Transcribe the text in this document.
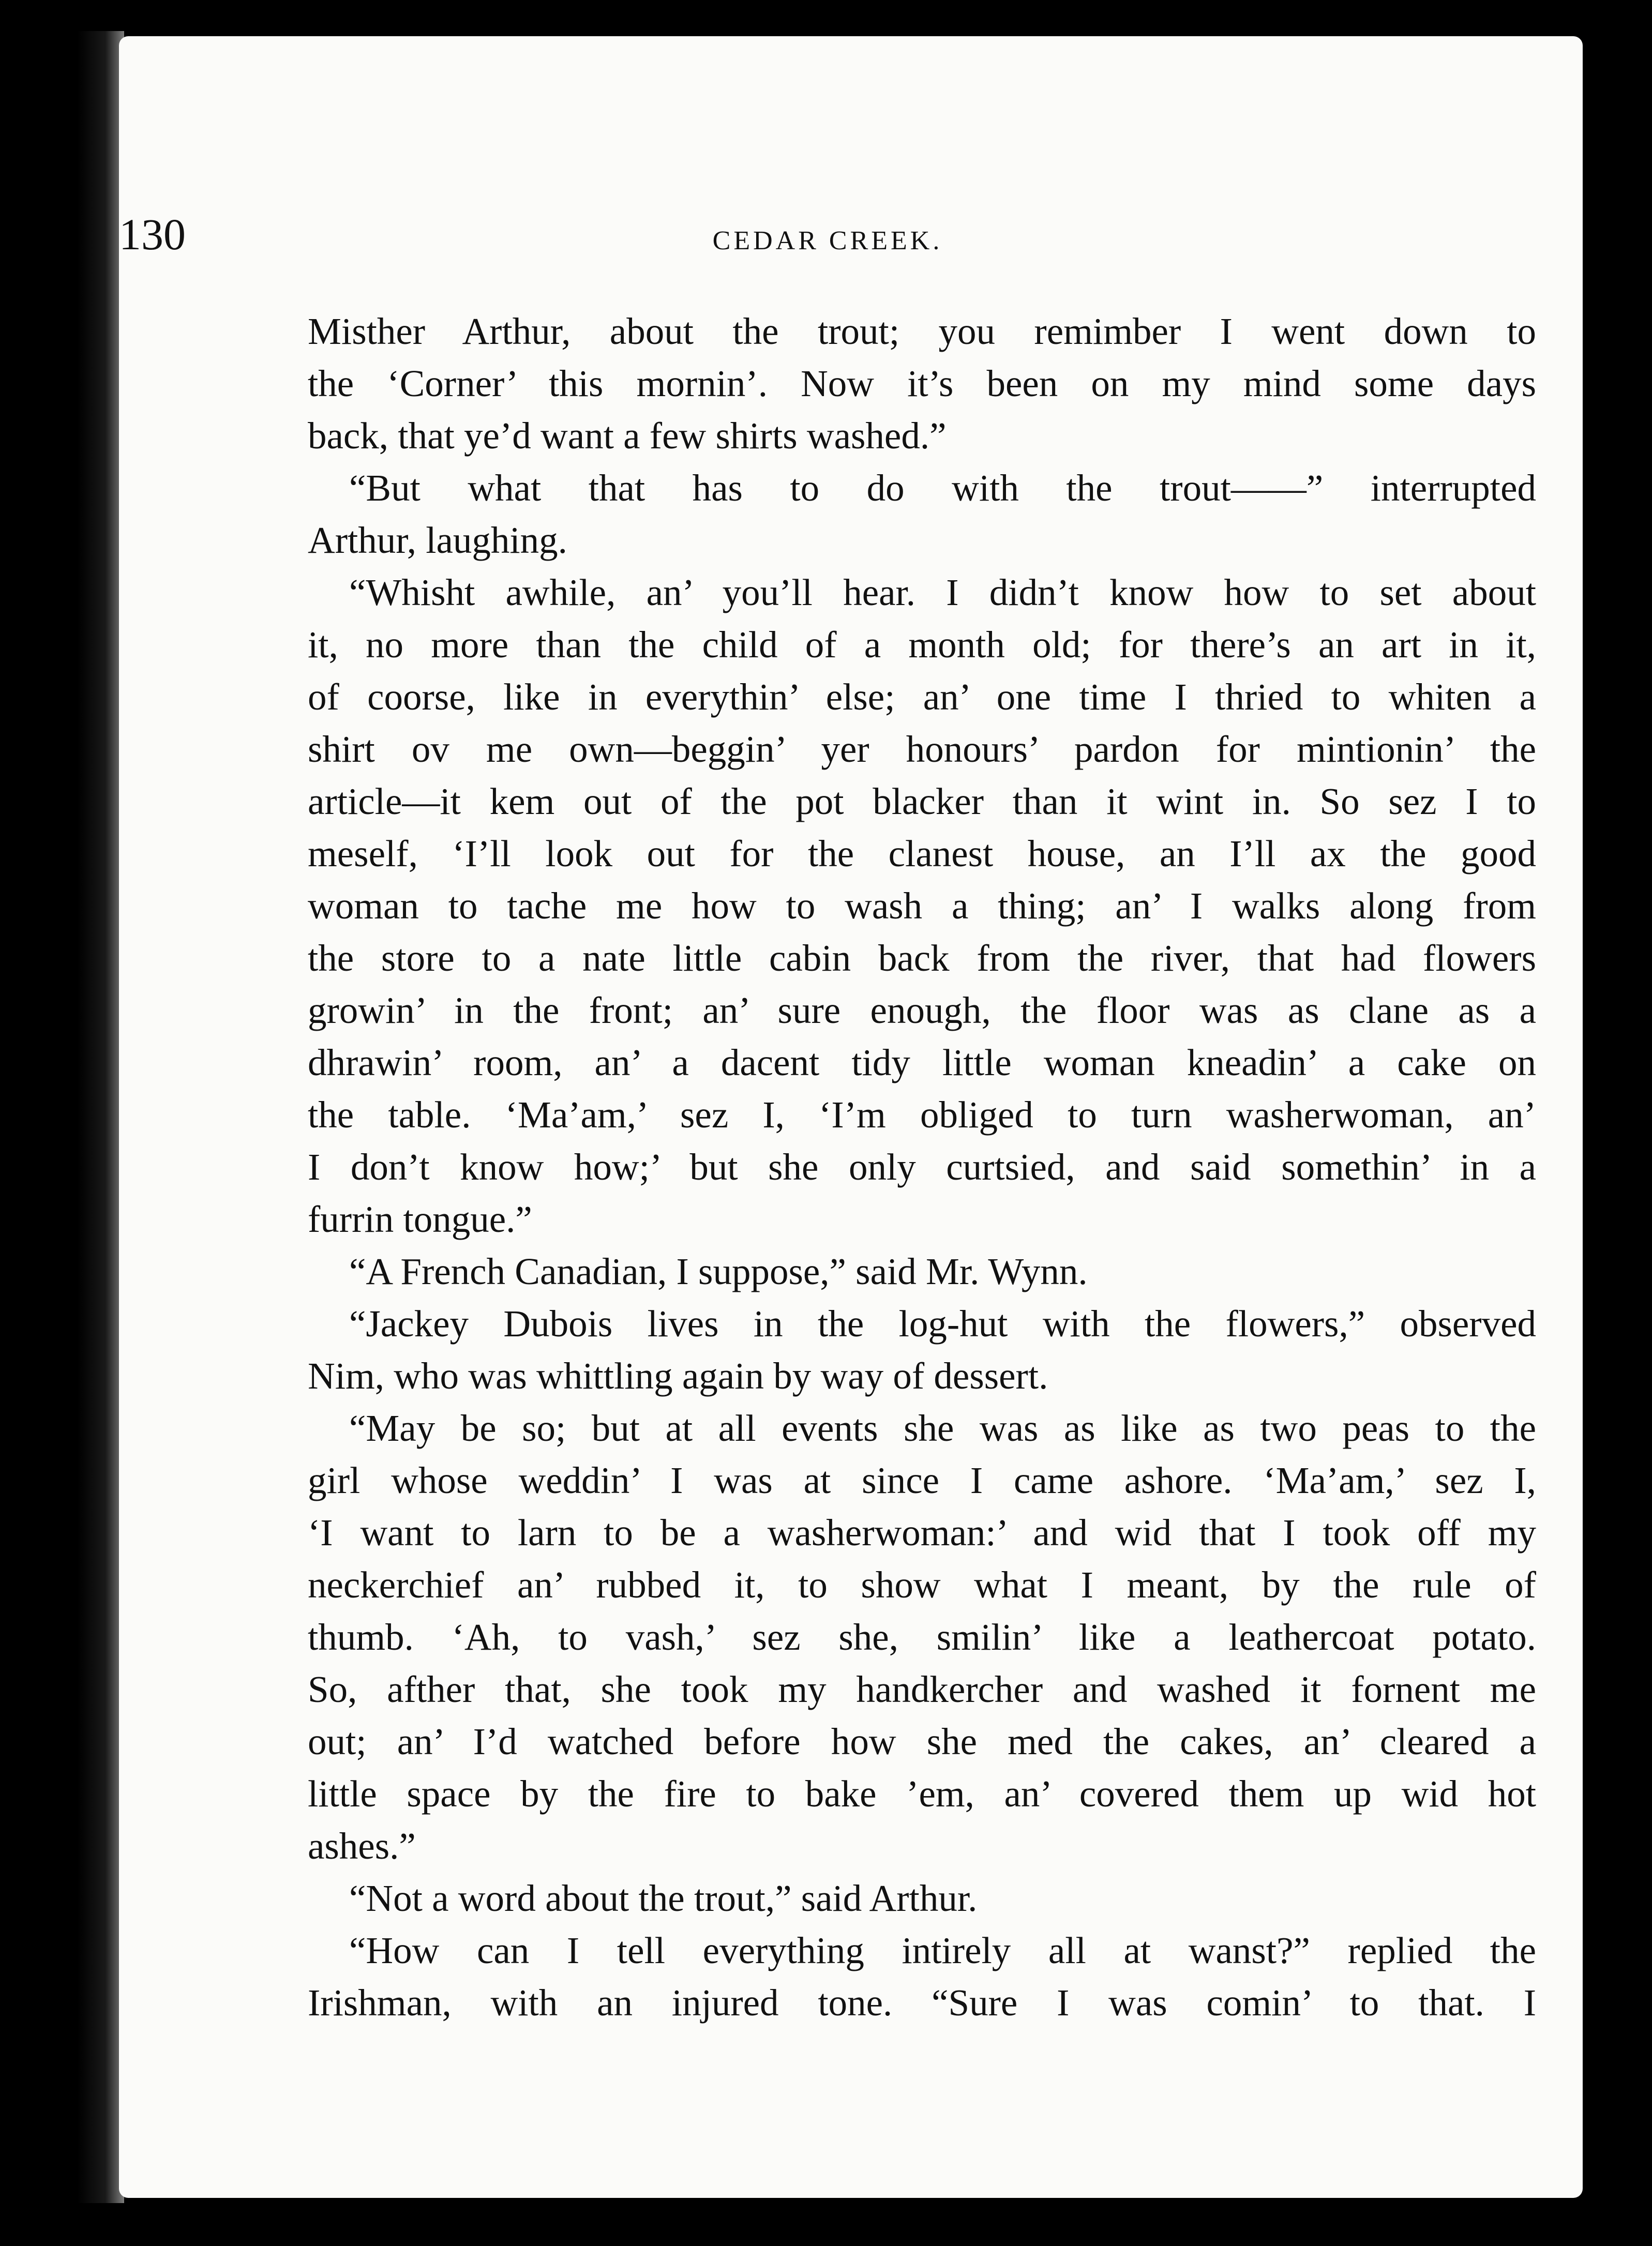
130	CEDAR CREEK.
Misther Arthur, about the trout; you remimber I went down to
the ‘Corner’ this mornin’. Now it’s been on my mind some days
back, that ye’d want a few shirts washed.”
“But what that has to do with the trout——” interrupted
Arthur, laughing.
“Whisht awhile, an’ you’ll hear. I didn’t know how to set about
it, no more than the child of a month old; for there’s an art in it,
of coorse, like in everythin’ else; an’ one time I thried to whiten a
shirt ov me own—beggin’ yer honours’ pardon for mintionin’ the
article—it kem out of the pot blacker than it wint in. So sez I to
meself, ‘I’ll look out for the clanest house, an I’ll ax the good
woman to tache me how to wash a thing; an’ I walks along from
the store to a nate little cabin back from the river, that had flowers
growin’ in the front; an’ sure enough, the floor was as clane as a
dhrawin’ room, an’ a dacent tidy little woman kneadin’ a cake on
the table. ‘Ma’am,’ sez I, ‘I’m obliged to turn washerwoman, an’
I don’t know how;’ but she only curtsied, and said somethin’ in a
furrin tongue.”
“A French Canadian, I suppose,” said Mr. Wynn.
“Jackey Dubois lives in the log-hut with the flowers,” observed
Nim, who was whittling again by way of dessert.
“May be so; but at all events she was as like as two peas to the
girl whose weddin’ I was at since I came ashore. ‘Ma’am,’ sez I,
‘I want to larn to be a washerwoman:’ and wid that I took off my
neckerchief an’ rubbed it, to show what I meant, by the rule of
thumb. ‘Ah, to vash,’ sez she, smilin’ like a leathercoat potato.
So, afther that, she took my handkercher and washed it fornent me
out; an’ I’d watched before how she med the cakes, an’ cleared a
little space by the fire to bake ’em, an’ covered them up wid hot
ashes.”
“Not a word about the trout,” said Arthur.
“How can I tell everything intirely all at wanst?” replied the
Irishman, with an injured tone. “Sure I was comin’ to that. I
